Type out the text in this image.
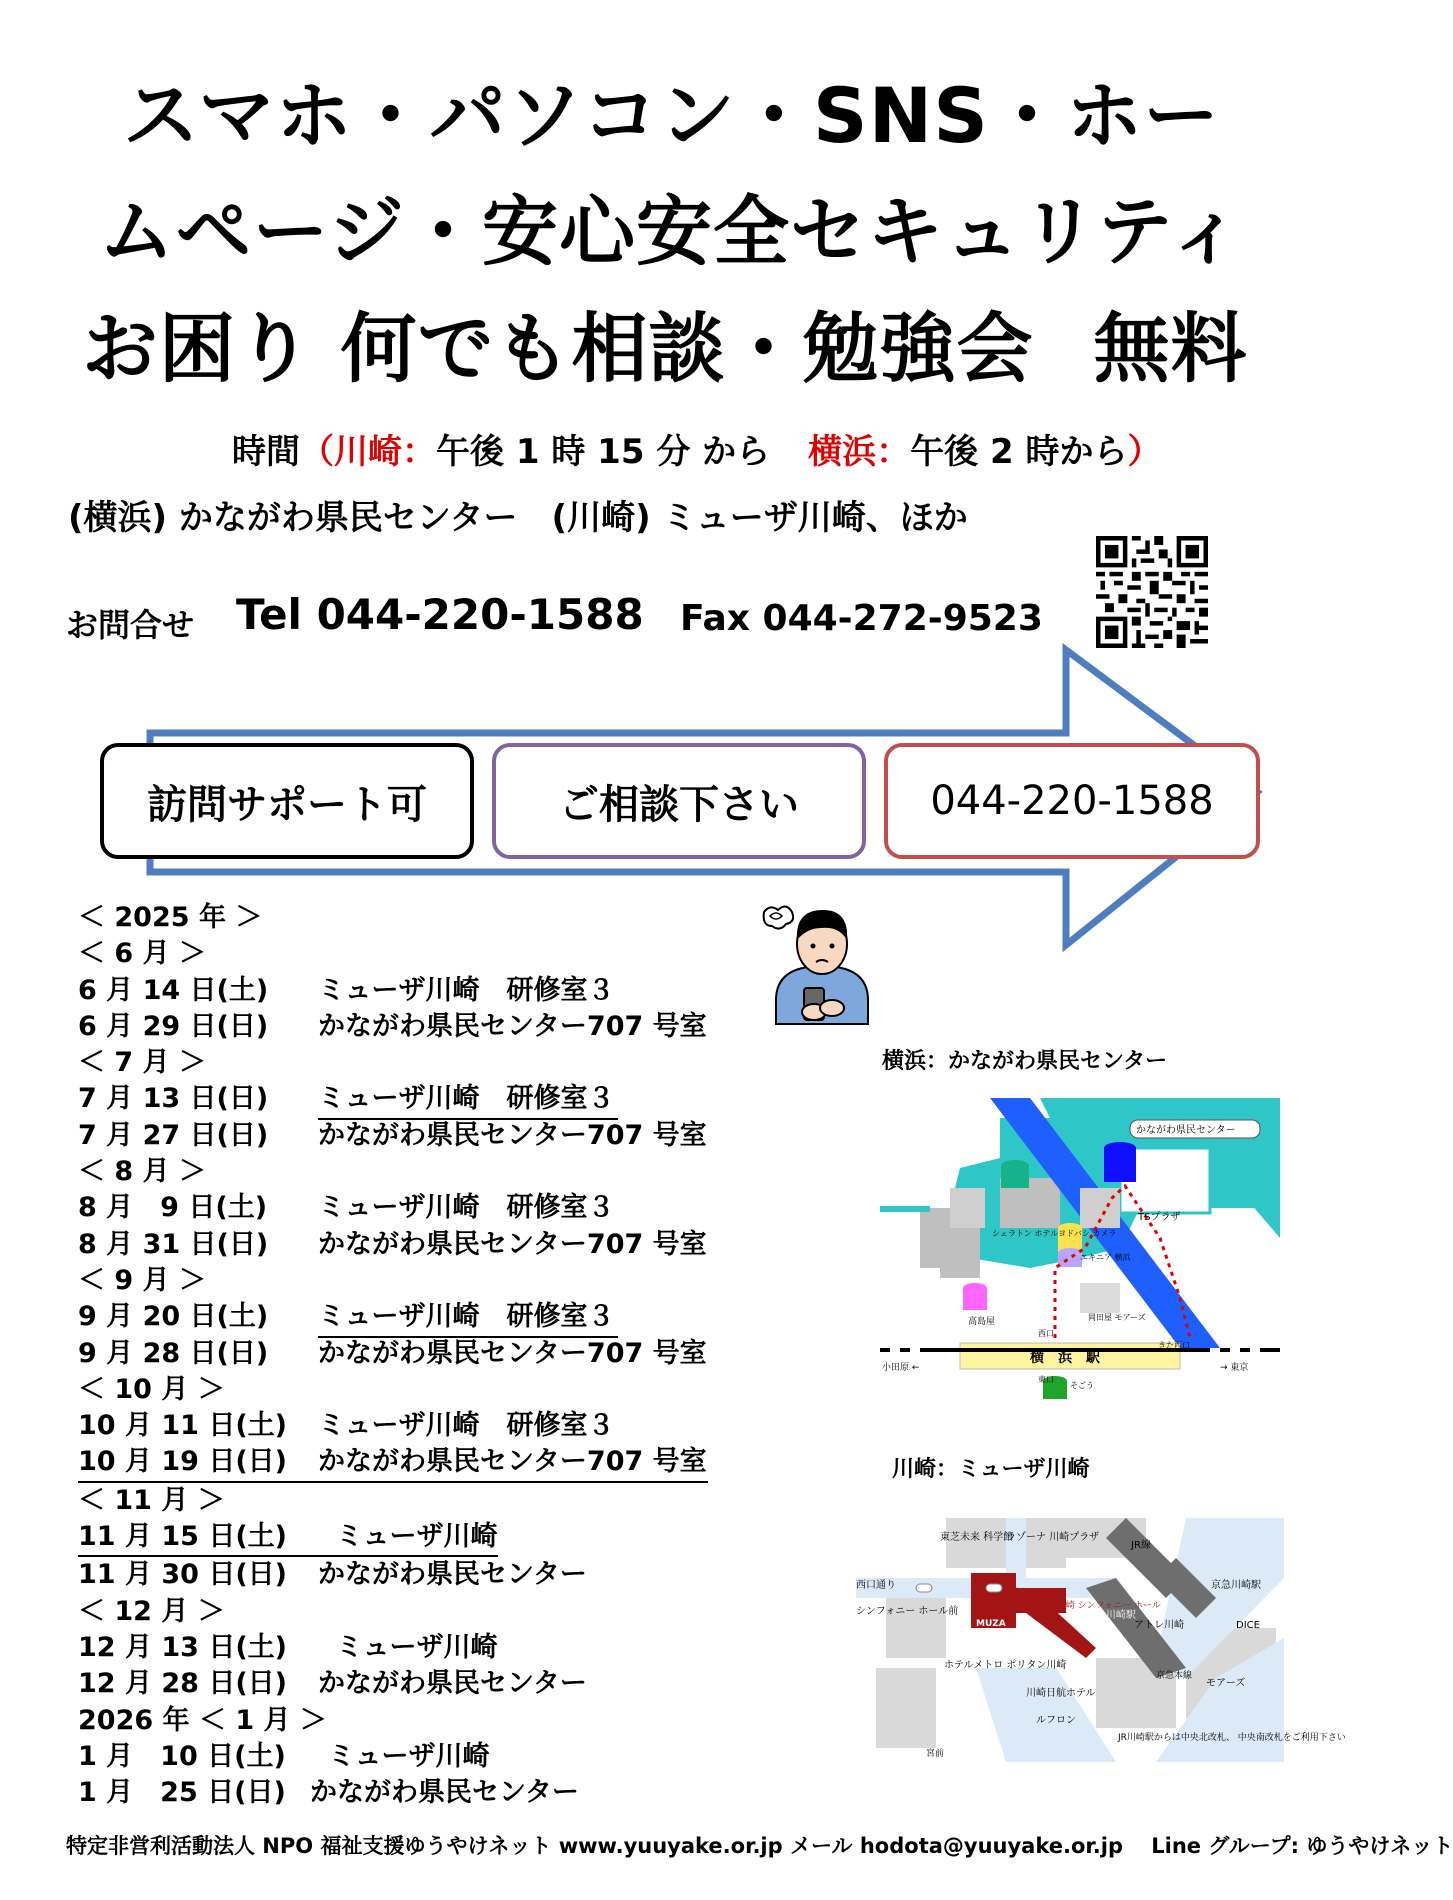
スマホ・パソコン・SNS・ホー
ムページ・安心安全セキュリティ
お困り 何でも相談・勉強会 無料
時間（川崎：午後 1 時 15 分 から 横浜：午後 2 時から）
(横浜) かながわ県民センター　(川崎) ミューザ川崎、ほか
お問合せ Tel 044-220-1588 Fax 044-272-9523
訪問サポート可	ご相談下さい	044-220-1588
＜ 2025 年 ＞
＜ 6 月 ＞
6 月 14 日(土) ミューザ川崎　研修室３
6 月 29 日(日) かながわ県民センター707 号室
＜ 7 月 ＞
7 月 13 日(日) ミューザ川崎　研修室３
7 月 27 日(日) かながわ県民センター707 号室
＜ 8 月 ＞
8 月　9 日(土) ミューザ川崎　研修室３
8 月 31 日(日) かながわ県民センター707 号室
＜ 9 月 ＞
9 月 20 日(土) ミューザ川崎　研修室３
9 月 28 日(日) かながわ県民センター707 号室
＜ 10 月 ＞
10 月 11 日(土) ミューザ川崎　研修室３
10 月 19 日(日) かながわ県民センター707 号室
＜ 11 月 ＞
11 月 15 日(土) ミューザ川崎
11 月 30 日(日) かながわ県民センター
＜ 12 月 ＞
12 月 13 日(土) ミューザ川崎
12 月 28 日(日) かながわ県民センター
2026 年 ＜ 1 月 ＞
1 月　10 日(土) ミューザ川崎
1 月　25 日(日) かながわ県民センター
横浜：かながわ県民センター
かながわ県民センター
TSプラザ
シェラトン ホテル ヨドバシ カメラ
エキニア 横浜
高島屋	岡田屋 モアーズ
西口
東口
そごう
きた西口
横　浜　駅
小田原 ←	→ 東京
川崎：ミューザ川崎
東芝未来 科学館
ラゾーナ 川崎プラザ
JR線
西口通り
シンフォニー ホール前	ミューザ川崎 シンフォニー ホール
MUZA
JR川崎駅
アトレ川崎
京急川崎駅
DICE
京急本線
モアーズ
ホテルメトロ ポリタン川崎
川崎日航ホテル
ルフロン
宮前
JR川崎駅からは中央北改札、 中央南改札をご利用下さい
特定非営利活動法人 NPO 福祉支援ゆうやけネット www.yuuyake.or.jp メール hodota@yuuyake.or.jp　 Line グループ: ゆうやけネット
